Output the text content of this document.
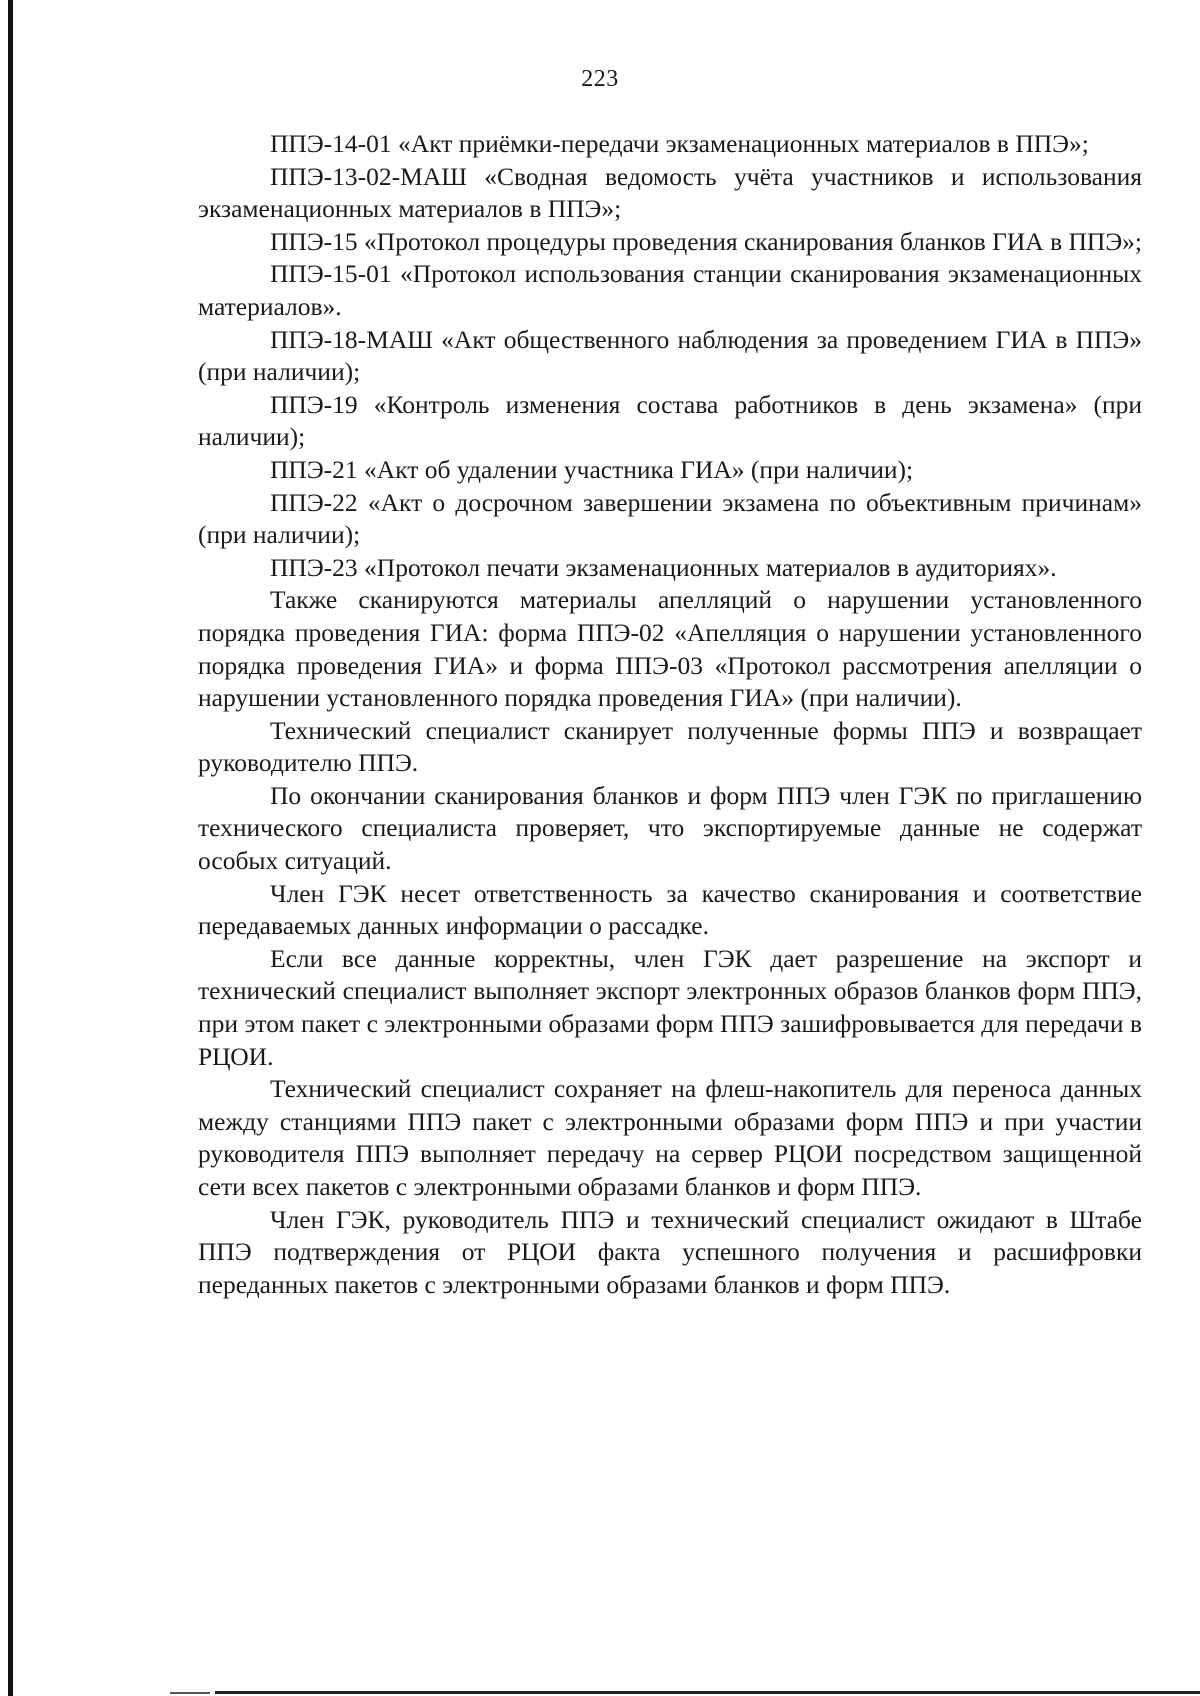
223

ППЭ-14-01 «Акт приёмки-передачи экзаменационных материалов в ППЭ»;

ППЭ-13-02-МАШ «Сводная ведомость учёта участников и использования экзаменационных материалов в ППЭ»;

ППЭ-15 «Протокол процедуры проведения сканирования бланков ГИА в ППЭ»;

ППЭ-15-01 «Протокол использования станции сканирования экзаменационных материалов».

ППЭ-18-МАШ «Акт общественного наблюдения за проведением ГИА в ППЭ» (при наличии);

ППЭ-19 «Контроль изменения состава работников в день экзамена» (при наличии);

ППЭ-21 «Акт об удалении участника ГИА» (при наличии);

ППЭ-22 «Акт о досрочном завершении экзамена по объективным причинам» (при наличии);

ППЭ-23 «Протокол печати экзаменационных материалов в аудиториях».

Также сканируются материалы апелляций о нарушении установленного порядка проведения ГИА: форма ППЭ-02 «Апелляция о нарушении установленного порядка проведения ГИА» и форма ППЭ-03 «Протокол рассмотрения апелляции о нарушении установленного порядка проведения ГИА» (при наличии).

Технический специалист сканирует полученные формы ППЭ и возвращает руководителю ППЭ.

По окончании сканирования бланков и форм ППЭ член ГЭК по приглашению технического специалиста проверяет, что экспортируемые данные не содержат особых ситуаций.

Член ГЭК несет ответственность за качество сканирования и соответствие передаваемых данных информации о рассадке.

Если все данные корректны, член ГЭК дает разрешение на экспорт и технический специалист выполняет экспорт электронных образов бланков форм ППЭ, при этом пакет с электронными образами форм ППЭ зашифровывается для передачи в РЦОИ.

Технический специалист сохраняет на флеш-накопитель для переноса данных между станциями ППЭ пакет с электронными образами форм ППЭ и при участии руководителя ППЭ выполняет передачу на сервер РЦОИ посредством защищенной сети всех пакетов с электронными образами бланков и форм ППЭ.

Член ГЭК, руководитель ППЭ и технический специалист ожидают в Штабе ППЭ подтверждения от РЦОИ факта успешного получения и расшифровки переданных пакетов с электронными образами бланков и форм ППЭ.
